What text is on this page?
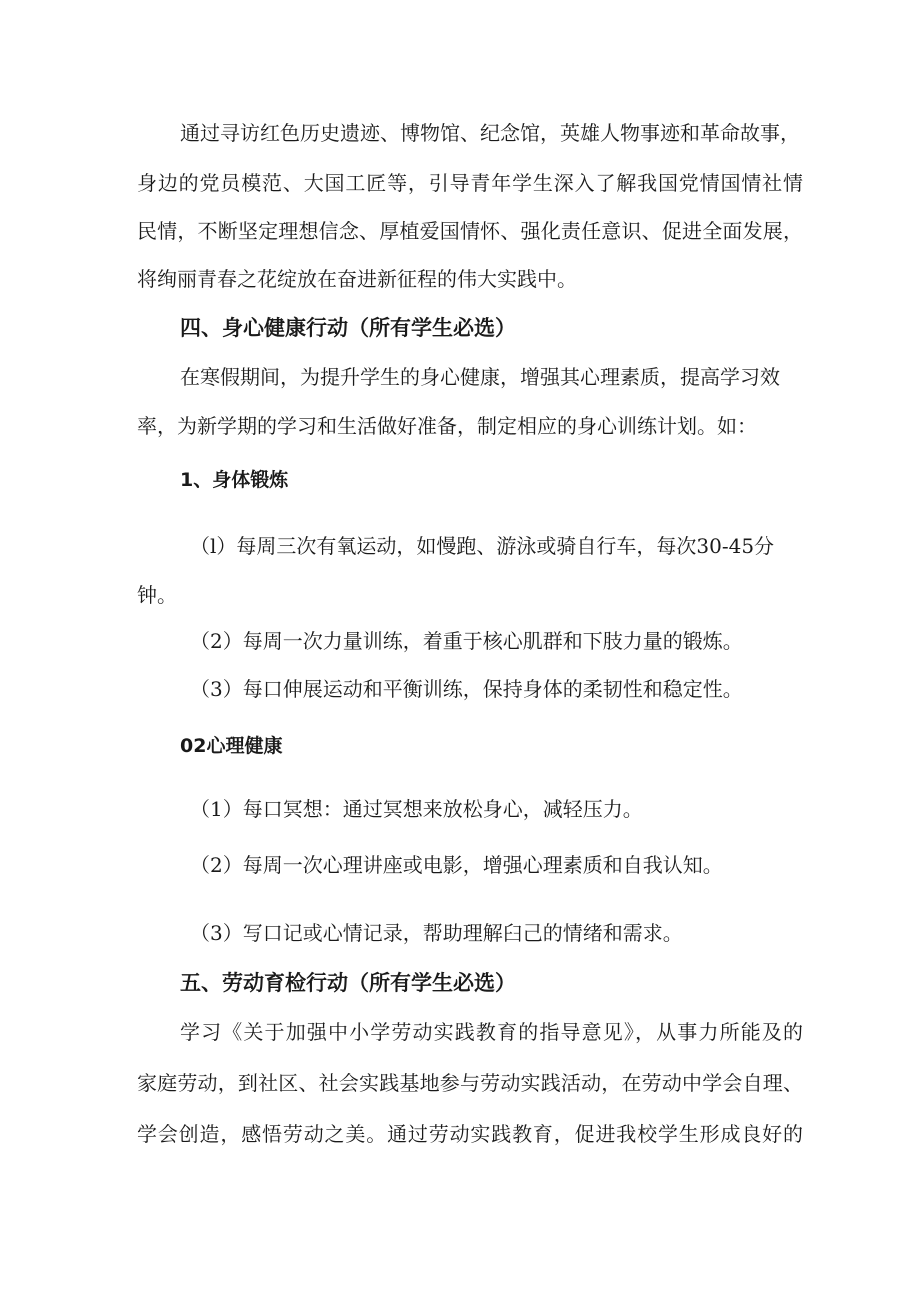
通过寻访红色历史遗迹、博物馆、纪念馆，英雄人物事迹和革命故事，

身边的党员模范、大国工匠等，引导青年学生深入了解我国党情国情社情

民情，不断坚定理想信念、厚植爱国情怀、强化责任意识、促进全面发展，

将绚丽青春之花绽放在奋进新征程的伟大实践中。

四、身心健康行动（所有学生必选）

在寒假期间，为提升学生的身心健康，增强其心理素质，提高学习效

率，为新学期的学习和生活做好准备，制定相应的身心训练计划。如：

1、身体锻炼

（l）每周三次有氧运动，如慢跑、游泳或骑自行车，每次30-45分

钟。

（2）每周一次力量训练，着重于核心肌群和下肢力量的锻炼。

（3）每口伸展运动和平衡训练，保持身体的柔韧性和稳定性。

02心理健康

（1）每口冥想：通过冥想来放松身心，减轻压力。

（2）每周一次心理讲座或电影，增强心理素质和自我认知。

（3）写口记或心情记录，帮助理解臼己的情绪和需求。

五、劳动育检行动（所有学生必选）

学习《关于加强中小学劳动实践教育的指导意见》，从事力所能及的

家庭劳动，到社区、社会实践基地参与劳动实践活动，在劳动中学会自理、

学会创造，感悟劳动之美。通过劳动实践教育，促进我校学生形成良好的
